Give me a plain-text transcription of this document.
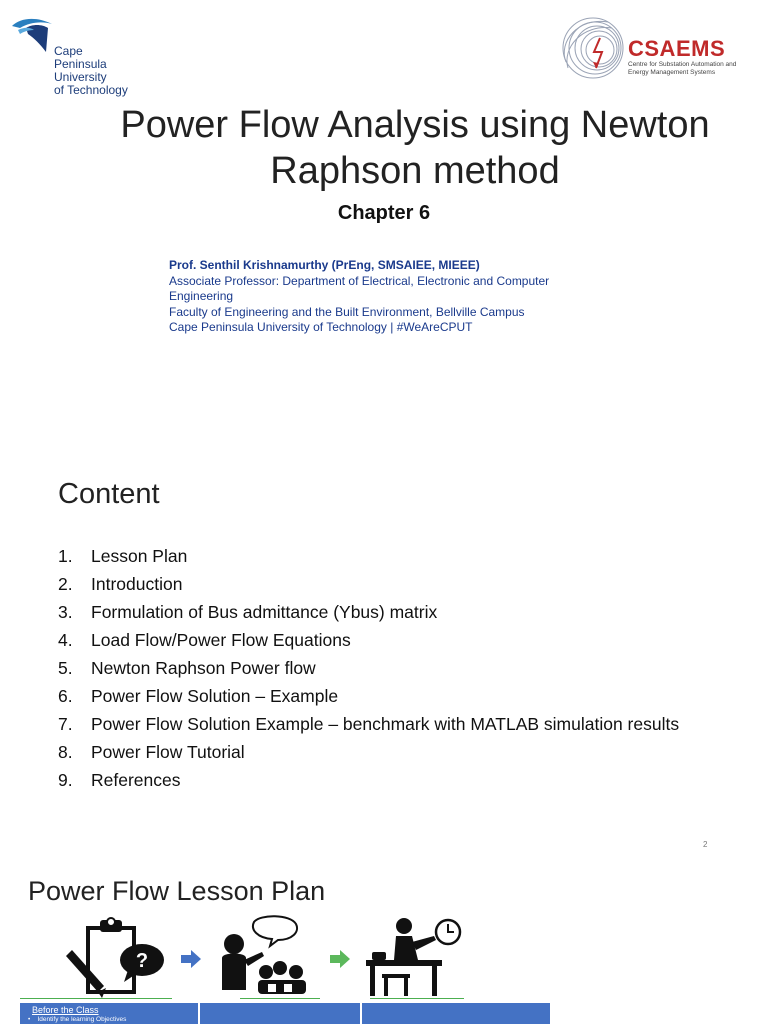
Cape
Peninsula
University
of Technology
CSAEMS
Centre for Substation Automation and Energy Management Systems
Power Flow Analysis using Newton
Raphson method
Chapter 6
Prof. Senthil Krishnamurthy (PrEng, SMSAIEE, MIEEE)
Associate Professor: Department of Electrical, Electronic and Computer Engineering
Faculty of Engineering and the Built Environment, Bellville Campus
Cape Peninsula University of Technology | #WeAreCPUT
Content
1. Lesson Plan
2. Introduction
3. Formulation of Bus admittance (Ybus) matrix
4. Load Flow/Power Flow Equations
5. Newton Raphson Power flow
6. Power Flow Solution – Example
7. Power Flow Solution Example – benchmark with MATLAB simulation results
8. Power Flow Tutorial
9. References
2
Power Flow Lesson Plan
?
Before the Class
•    Identify the learning Objectives
